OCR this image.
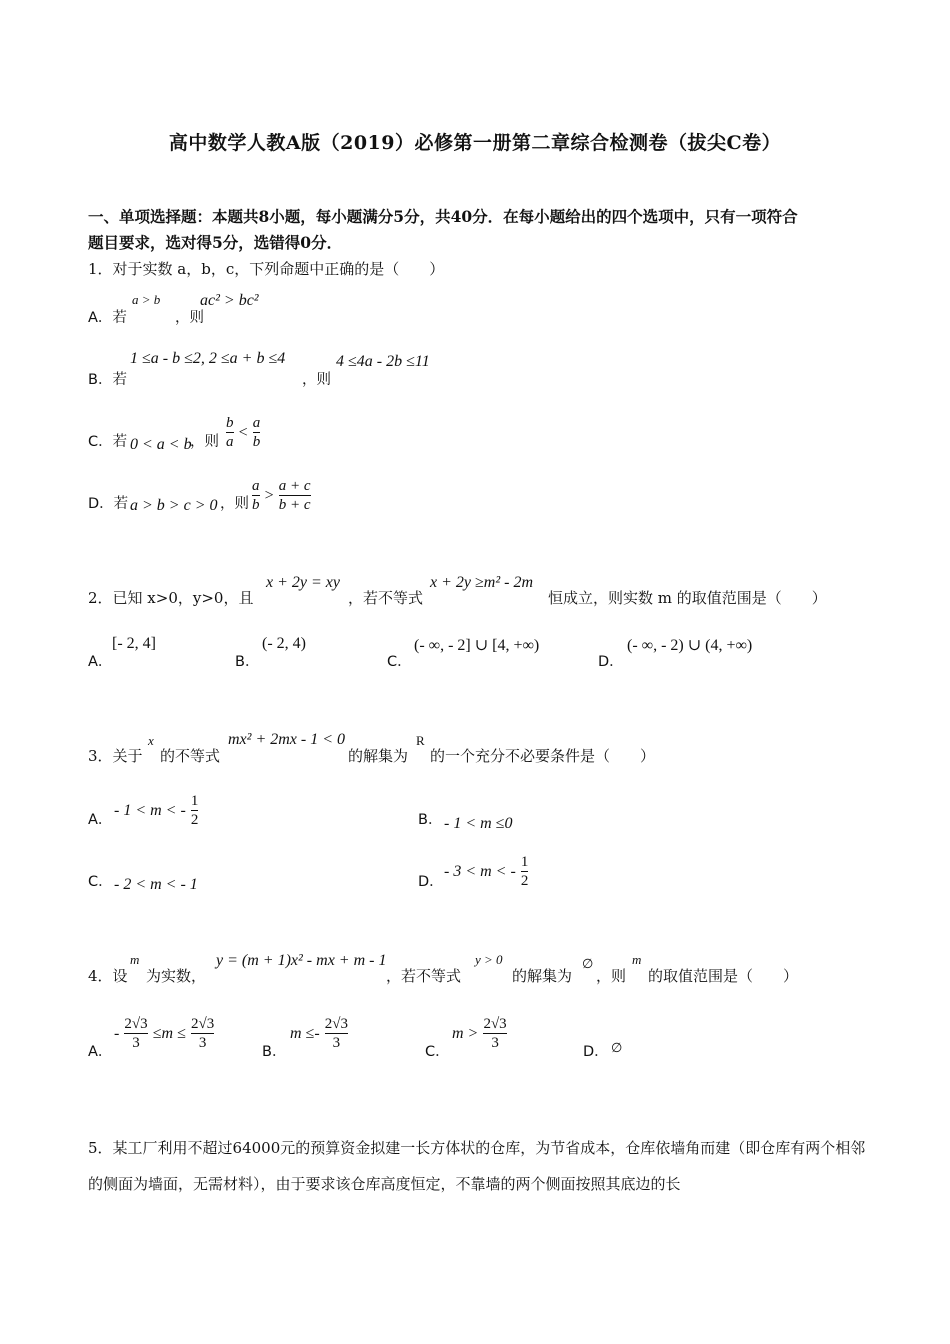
高中数学人教A版（2019）必修第一册第二章综合检测卷（拔尖C卷）
一、单项选择题：本题共8小题，每小题满分5分，共40分．在每小题给出的四个选项中，只有一项符合
题目要求，选对得5分，选错得0分．
1．对于实数 a，b，c，下列命题中正确的是（　　）
A．若
a > b
，则
ac² > bc²
B．若
1 ≤a - b ≤2, 2 ≤a + b ≤4
，则
4 ≤4a - 2b ≤11
C．若 0 < a < b
，则 $\frac{b}{a} < \frac{a}{b}$
D．若 a > b > c > 0 ，则 $\frac{a}{b} > \frac{a + c}{b + c}$
2．已知 x>0，y>0，且
x + 2y = xy
，若不等式
x + 2y ≥m² - 2m
恒成立，则实数 m 的取值范围是（　　）
A．
[- 2, 4]
B．
(- 2, 4)
C．
(- ∞, - 2] ∪ [4, +∞)
D．
(- ∞, - 2) ∪ (4, +∞)
3．关于
x
的不等式
mx² + 2mx - 1 < 0
的解集为
R
的一个充分不必要条件是（　　）
A．
- 1 < m < - $\frac{1}{2}$	B． - 1 < m ≤0
C． - 2 < m < - 1	D．
- 3 < m < - $\frac{1}{2}$
4．设
m
为实数，
y = (m + 1)x² - mx + m - 1
，若不等式
y > 0
的解集为
∅
，则
m
的取值范围是（　　）
A．
- $\frac{2√3}{3} \le m \le \frac{2√3}{3}$	B．
$m \le- \frac{2√3}{3}$	C．
$m > \frac{2√3}{3}$	D． ∅
5．某工厂利用不超过64000元的预算资金拟建一长方体状的仓库，为节省成本，仓库依墙角而建（即仓库有两个相邻的侧面为墙面，无需材料），由于要求该仓库高度恒定，不靠墙的两个侧面按照其底边的长
